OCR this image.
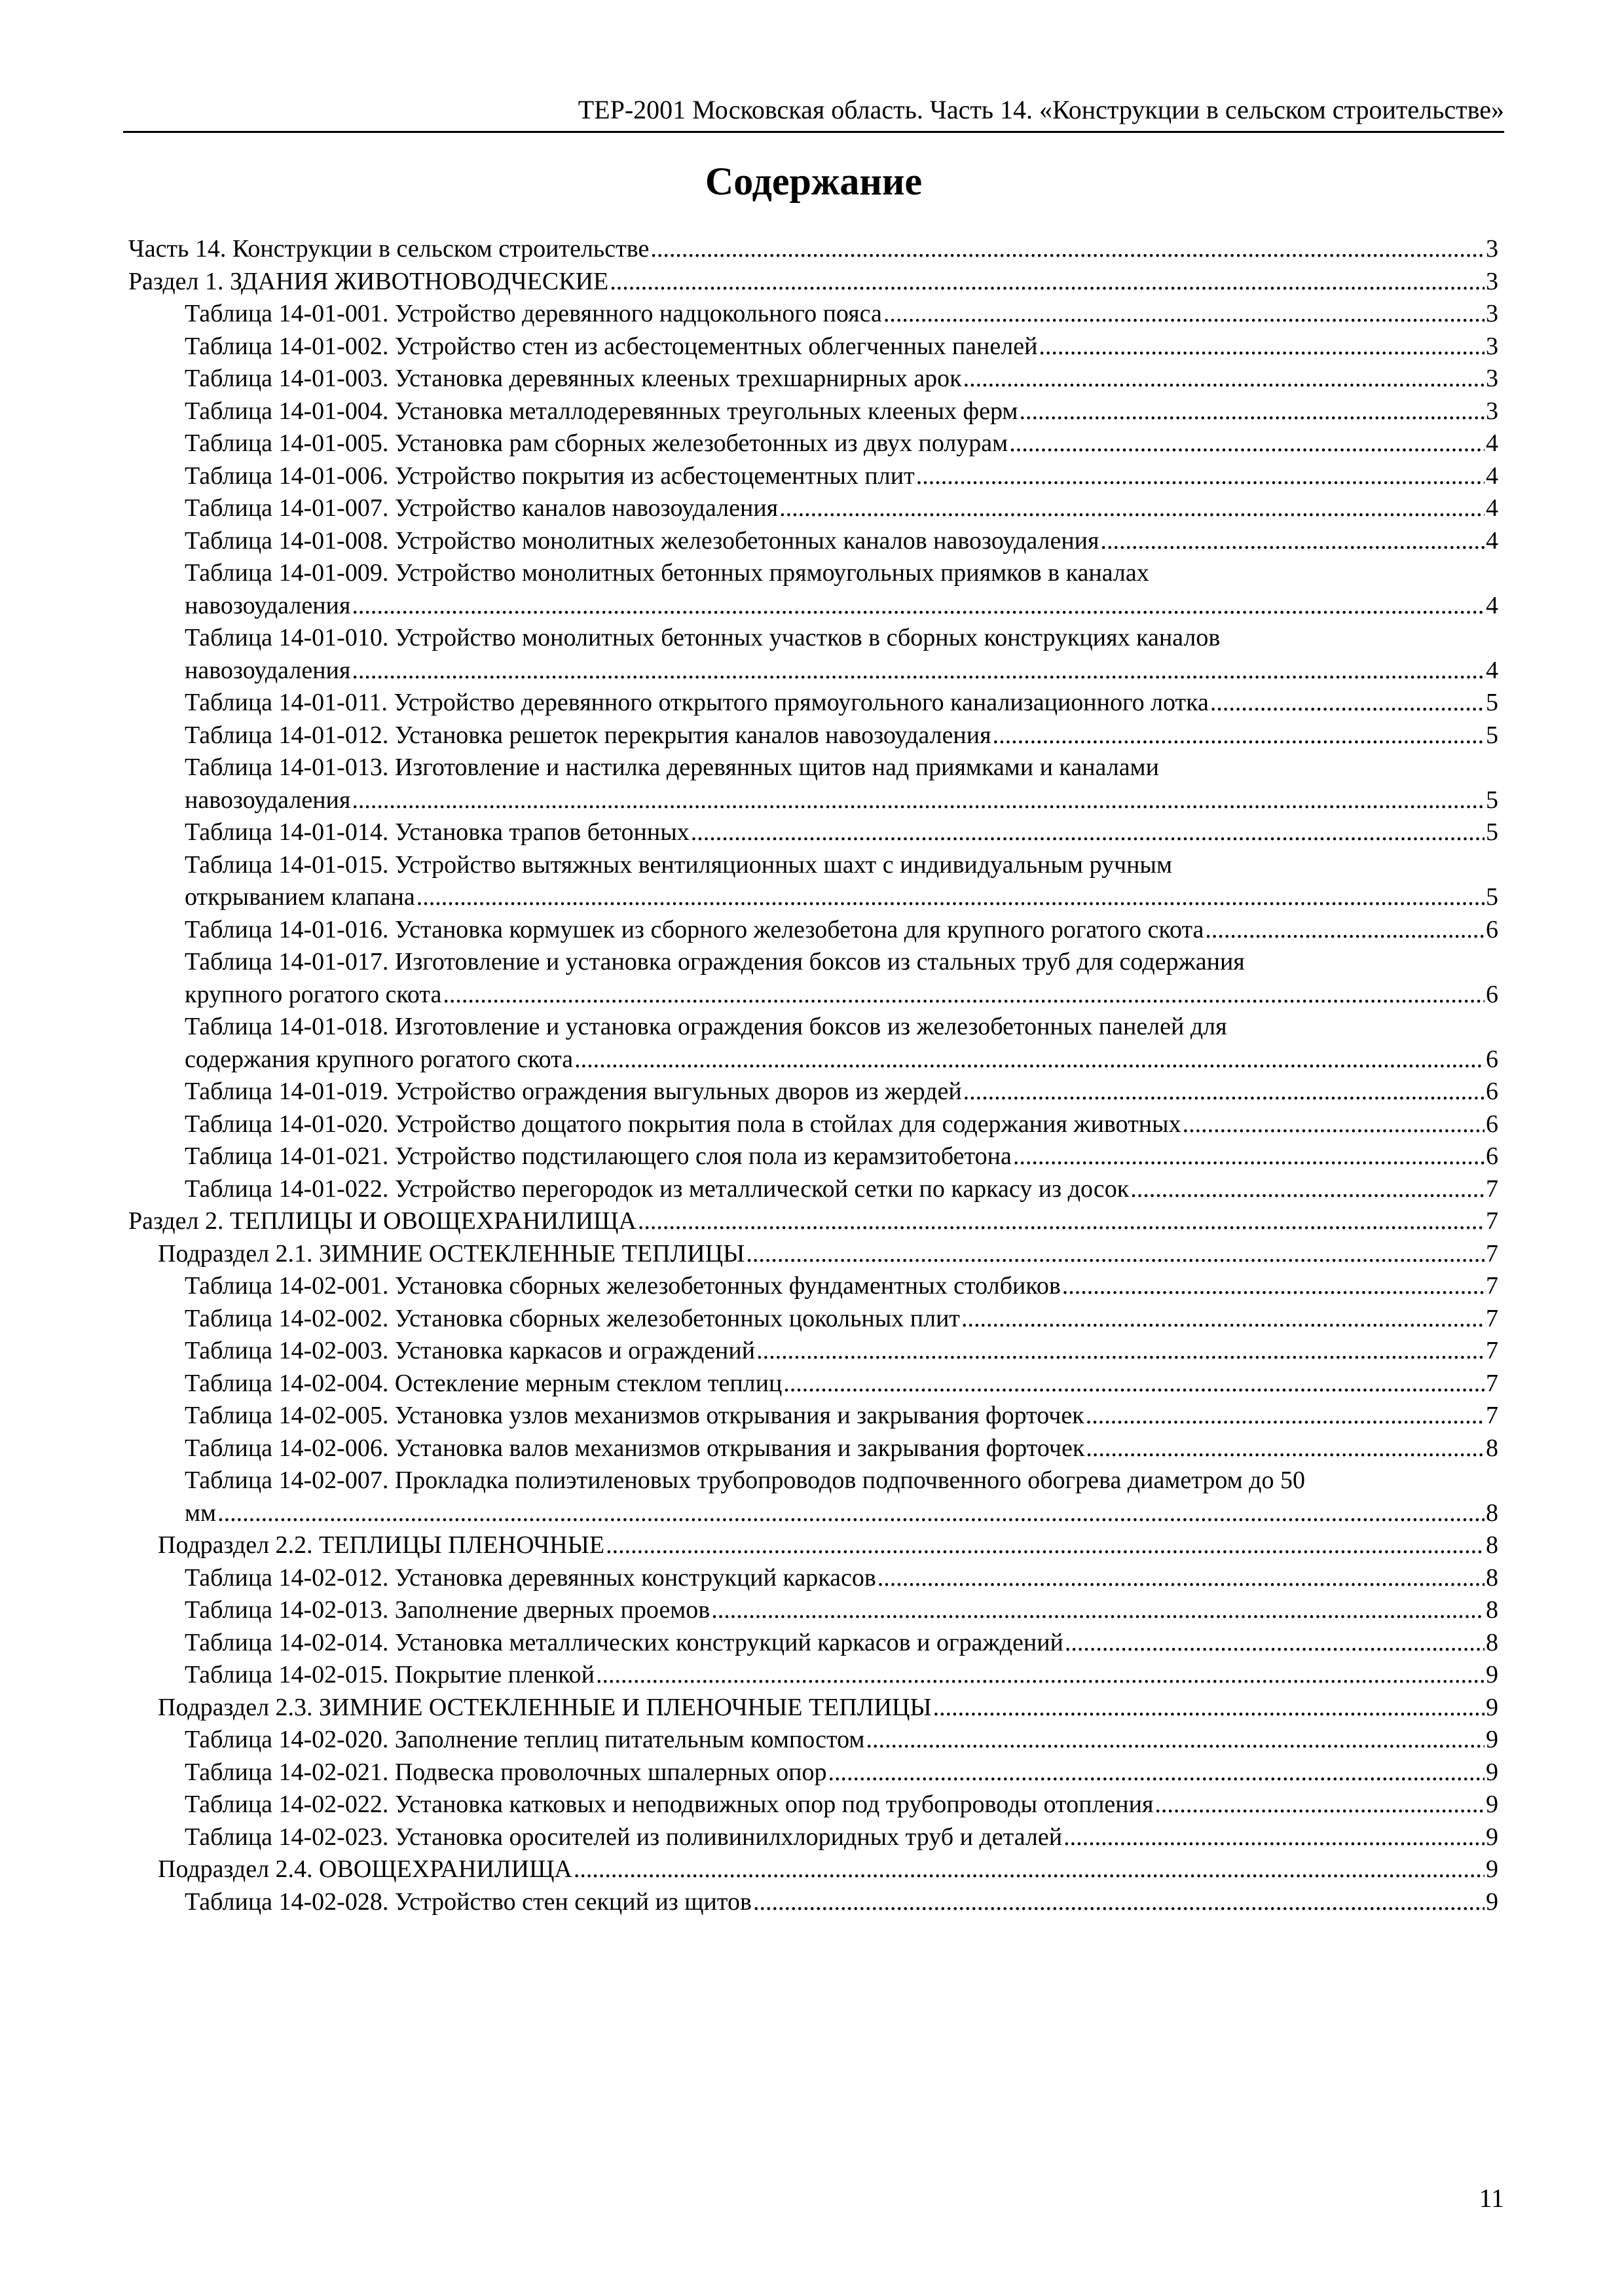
ТЕР-2001 Московская область. Часть 14. «Конструкции в сельском строительстве»
Содержание
Часть 14. Конструкции в сельском строительстве .....	3
Раздел 1. ЗДАНИЯ ЖИВОТНОВОДЧЕСКИЕ .....	3
Таблица 14-01-001. Устройство деревянного надцокольного пояса .....	3
Таблица 14-01-002. Устройство стен из асбестоцементных облегченных панелей .....	3
Таблица 14-01-003. Установка деревянных клееных трехшарнирных арок .....	3
Таблица 14-01-004. Установка металлодеревянных треугольных клееных ферм .....	3
Таблица 14-01-005. Установка рам сборных железобетонных из двух полурам .....	4
Таблица 14-01-006. Устройство покрытия из асбестоцементных плит .....	4
Таблица 14-01-007. Устройство каналов навозоудаления .....	4
Таблица 14-01-008. Устройство монолитных железобетонных каналов навозоудаления .....	4
Таблица 14-01-009. Устройство монолитных бетонных прямоугольных приямков в каналах
навозоудаления .....	4
Таблица 14-01-010. Устройство монолитных бетонных участков в сборных конструкциях каналов
навозоудаления .....	4
Таблица 14-01-011. Устройство деревянного открытого прямоугольного канализационного лотка .....	5
Таблица 14-01-012. Установка решеток перекрытия каналов навозоудаления .....	5
Таблица 14-01-013. Изготовление и настилка деревянных щитов над приямками и каналами
навозоудаления .....	5
Таблица 14-01-014. Установка трапов бетонных .....	5
Таблица 14-01-015. Устройство вытяжных вентиляционных шахт с индивидуальным ручным
открыванием клапана .....	5
Таблица 14-01-016. Установка кормушек из сборного железобетона для крупного рогатого скота .....	6
Таблица 14-01-017. Изготовление и установка ограждения боксов из стальных труб для содержания
крупного рогатого скота .....	6
Таблица 14-01-018. Изготовление и установка ограждения боксов из железобетонных панелей для
содержания крупного рогатого скота .....	6
Таблица 14-01-019. Устройство ограждения выгульных дворов из жердей .....	6
Таблица 14-01-020. Устройство дощатого покрытия пола в стойлах для содержания животных .....	6
Таблица 14-01-021. Устройство подстилающего слоя пола из керамзитобетона .....	6
Таблица 14-01-022. Устройство перегородок из металлической сетки по каркасу из досок .....	7
Раздел 2. ТЕПЛИЦЫ И ОВОЩЕХРАНИЛИЩА .....	7
Подраздел 2.1. ЗИМНИЕ ОСТЕКЛЕННЫЕ ТЕПЛИЦЫ .....	7
Таблица 14-02-001. Установка сборных железобетонных фундаментных столбиков .....	7
Таблица 14-02-002. Установка сборных железобетонных цокольных плит .....	7
Таблица 14-02-003. Установка каркасов и ограждений .....	7
Таблица 14-02-004. Остекление мерным стеклом теплиц .....	7
Таблица 14-02-005. Установка узлов механизмов открывания и закрывания форточек .....	7
Таблица 14-02-006. Установка валов механизмов открывания и закрывания форточек .....	8
Таблица 14-02-007. Прокладка полиэтиленовых трубопроводов подпочвенного обогрева диаметром до 50
мм .....	8
Подраздел 2.2. ТЕПЛИЦЫ ПЛЕНОЧНЫЕ .....	8
Таблица 14-02-012. Установка деревянных конструкций каркасов .....	8
Таблица 14-02-013. Заполнение дверных проемов .....	8
Таблица 14-02-014. Установка металлических конструкций каркасов и ограждений .....	8
Таблица 14-02-015. Покрытие пленкой .....	9
Подраздел 2.3. ЗИМНИЕ ОСТЕКЛЕННЫЕ И ПЛЕНОЧНЫЕ ТЕПЛИЦЫ .....	9
Таблица 14-02-020. Заполнение теплиц питательным компостом .....	9
Таблица 14-02-021. Подвеска проволочных шпалерных опор .....	9
Таблица 14-02-022. Установка катковых и неподвижных опор под трубопроводы отопления .....	9
Таблица 14-02-023. Установка оросителей из поливинилхлоридных труб и деталей .....	9
Подраздел 2.4. ОВОЩЕХРАНИЛИЩА .....	9
Таблица 14-02-028. Устройство стен секций из щитов .....	9
11
